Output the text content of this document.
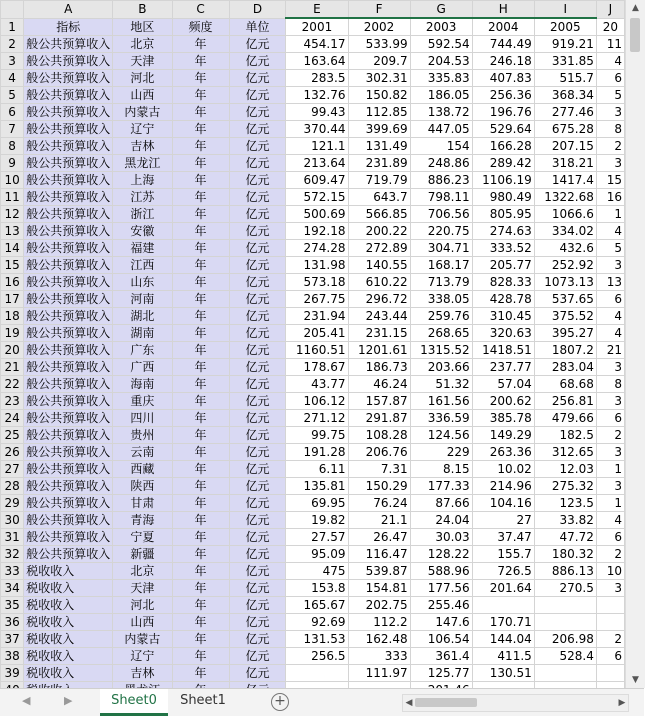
	A	B	C	D	E	F	G	H	I	J
1	指标	地区	频度	单位	2001	2002	2003	2004	2005	20
2	般公共预算收入	北京	年	亿元	454.17	533.99	592.54	744.49	919.21	11
3	般公共预算收入	天津	年	亿元	163.64	209.7	204.53	246.18	331.85	4
4	般公共预算收入	河北	年	亿元	283.5	302.31	335.83	407.83	515.7	6
5	般公共预算收入	山西	年	亿元	132.76	150.82	186.05	256.36	368.34	5
6	般公共预算收入	内蒙古	年	亿元	99.43	112.85	138.72	196.76	277.46	3
7	般公共预算收入	辽宁	年	亿元	370.44	399.69	447.05	529.64	675.28	8
8	般公共预算收入	吉林	年	亿元	121.1	131.49	154	166.28	207.15	2
9	般公共预算收入	黑龙江	年	亿元	213.64	231.89	248.86	289.42	318.21	3
10	般公共预算收入	上海	年	亿元	609.47	719.79	886.23	1106.19	1417.4	15
11	般公共预算收入	江苏	年	亿元	572.15	643.7	798.11	980.49	1322.68	16
12	般公共预算收入	浙江	年	亿元	500.69	566.85	706.56	805.95	1066.6	1
13	般公共预算收入	安徽	年	亿元	192.18	200.22	220.75	274.63	334.02	4
14	般公共预算收入	福建	年	亿元	274.28	272.89	304.71	333.52	432.6	5
15	般公共预算收入	江西	年	亿元	131.98	140.55	168.17	205.77	252.92	3
16	般公共预算收入	山东	年	亿元	573.18	610.22	713.79	828.33	1073.13	13
17	般公共预算收入	河南	年	亿元	267.75	296.72	338.05	428.78	537.65	6
18	般公共预算收入	湖北	年	亿元	231.94	243.44	259.76	310.45	375.52	4
19	般公共预算收入	湖南	年	亿元	205.41	231.15	268.65	320.63	395.27	4
20	般公共预算收入	广东	年	亿元	1160.51	1201.61	1315.52	1418.51	1807.2	21
21	般公共预算收入	广西	年	亿元	178.67	186.73	203.66	237.77	283.04	3
22	般公共预算收入	海南	年	亿元	43.77	46.24	51.32	57.04	68.68	8
23	般公共预算收入	重庆	年	亿元	106.12	157.87	161.56	200.62	256.81	3
24	般公共预算收入	四川	年	亿元	271.12	291.87	336.59	385.78	479.66	6
25	般公共预算收入	贵州	年	亿元	99.75	108.28	124.56	149.29	182.5	2
26	般公共预算收入	云南	年	亿元	191.28	206.76	229	263.36	312.65	3
27	般公共预算收入	西藏	年	亿元	6.11	7.31	8.15	10.02	12.03	1
28	般公共预算收入	陕西	年	亿元	135.81	150.29	177.33	214.96	275.32	3
29	般公共预算收入	甘肃	年	亿元	69.95	76.24	87.66	104.16	123.5	1
30	般公共预算收入	青海	年	亿元	19.82	21.1	24.04	27	33.82	4
31	般公共预算收入	宁夏	年	亿元	27.57	26.47	30.03	37.47	47.72	6
32	般公共预算收入	新疆	年	亿元	95.09	116.47	128.22	155.7	180.32	2
33	税收收入	北京	年	亿元	475	539.87	588.96	726.5	886.13	10
34	税收收入	天津	年	亿元	153.8	154.81	177.56	201.64	270.5	3
35	税收收入	河北	年	亿元	165.67	202.75	255.46			
36	税收收入	山西	年	亿元	92.69	112.2	147.6	170.71		
37	税收收入	内蒙古	年	亿元	131.53	162.48	106.54	144.04	206.98	2
38	税收收入	辽宁	年	亿元	256.5	333	361.4	411.5	528.4	6
39	税收收入	吉林	年	亿元		111.97	125.77	130.51		

▲
▼
◀	▶	Sheet0	Sheet1	+	◀	▶
